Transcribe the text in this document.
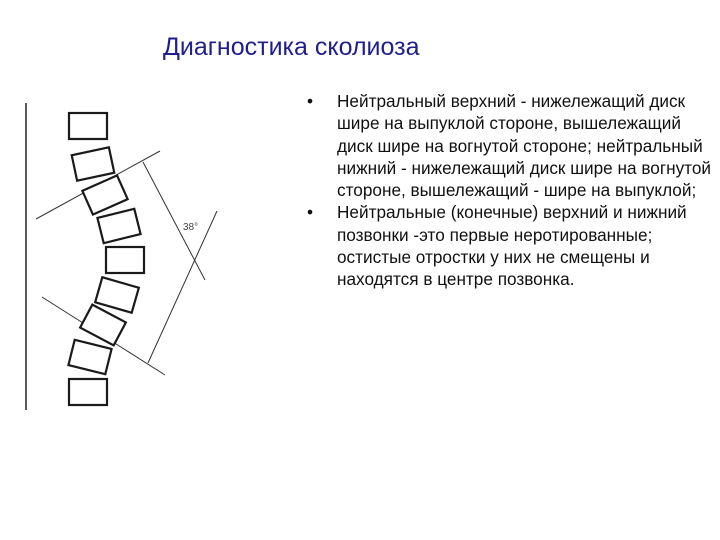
Диагностика сколиоза
38°
• Нейтральный верхний - нижележащий диск шире на выпуклой стороне, вышележащий диск шире на вогнутой стороне; нейтральный нижний - нижележащий диск шире на вогнутой стороне, вышележащий - шире на выпуклой;
• Нейтральные (конечные) верхний и нижний позвонки -это первые неротированные; остистые отростки у них не смещены и находятся в центре позвонка.
